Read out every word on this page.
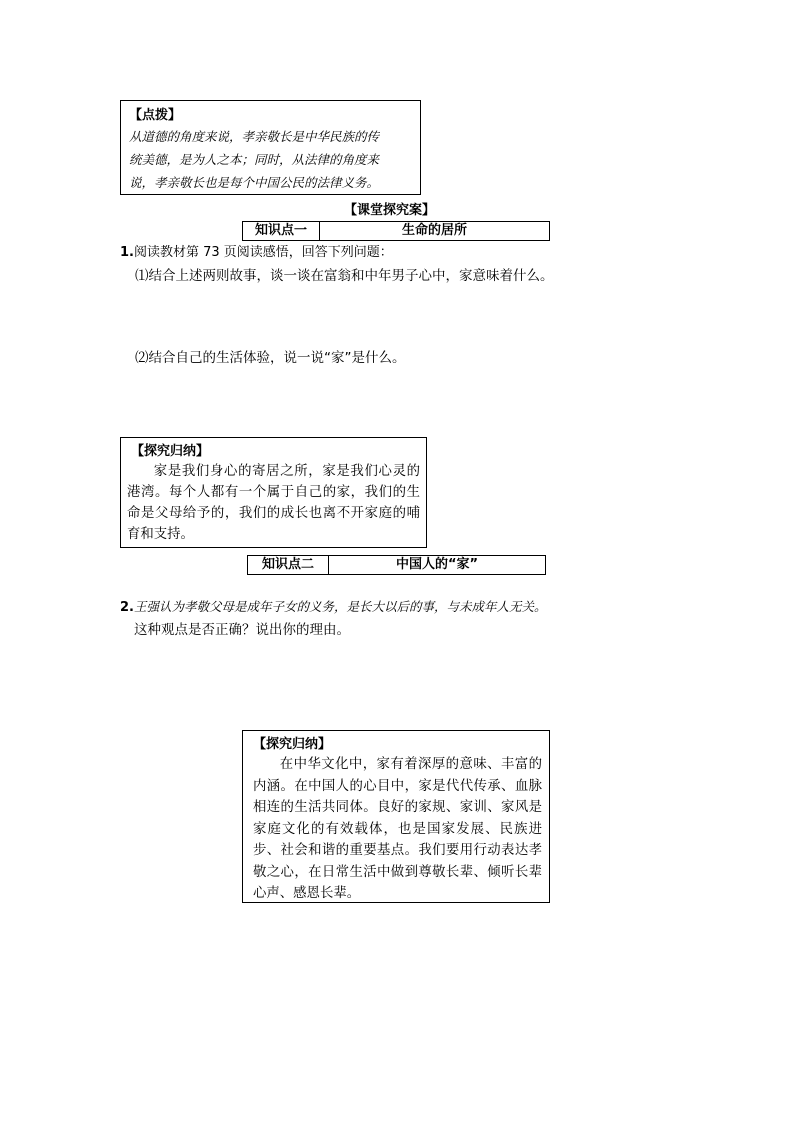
【点拨】
从道德的角度来说，孝亲敬长是中华民族的传
统美德，是为人之本；同时，从法律的角度来
说，孝亲敬长也是每个中国公民的法律义务。
【课堂探究案】
知识点一	生命的居所
1.阅读教材第 73 页阅读感悟，回答下列问题：
⑴结合上述两则故事，谈一谈在富翁和中年男子心中，家意味着什么。
⑵结合自己的生活体验，说一说“家”是什么。
【探究归纳】
家是我们身心的寄居之所，家是我们心灵的港湾。每个人都有一个属于自己的家，我们的生命是父母给予的，我们的成长也离不开家庭的哺育和支持。
知识点二	中国人的“家”
2.王强认为孝敬父母是成年子女的义务，是长大以后的事，与未成年人无关。
这种观点是否正确？说出你的理由。
【探究归纳】
在中华文化中，家有着深厚的意味、丰富的内涵。在中国人的心目中，家是代代传承、血脉相连的生活共同体。良好的家规、家训、家风是家庭文化的有效载体，也是国家发展、民族进步、社会和谐的重要基点。我们要用行动表达孝敬之心，在日常生活中做到尊敬长辈、倾听长辈心声、感恩长辈。
